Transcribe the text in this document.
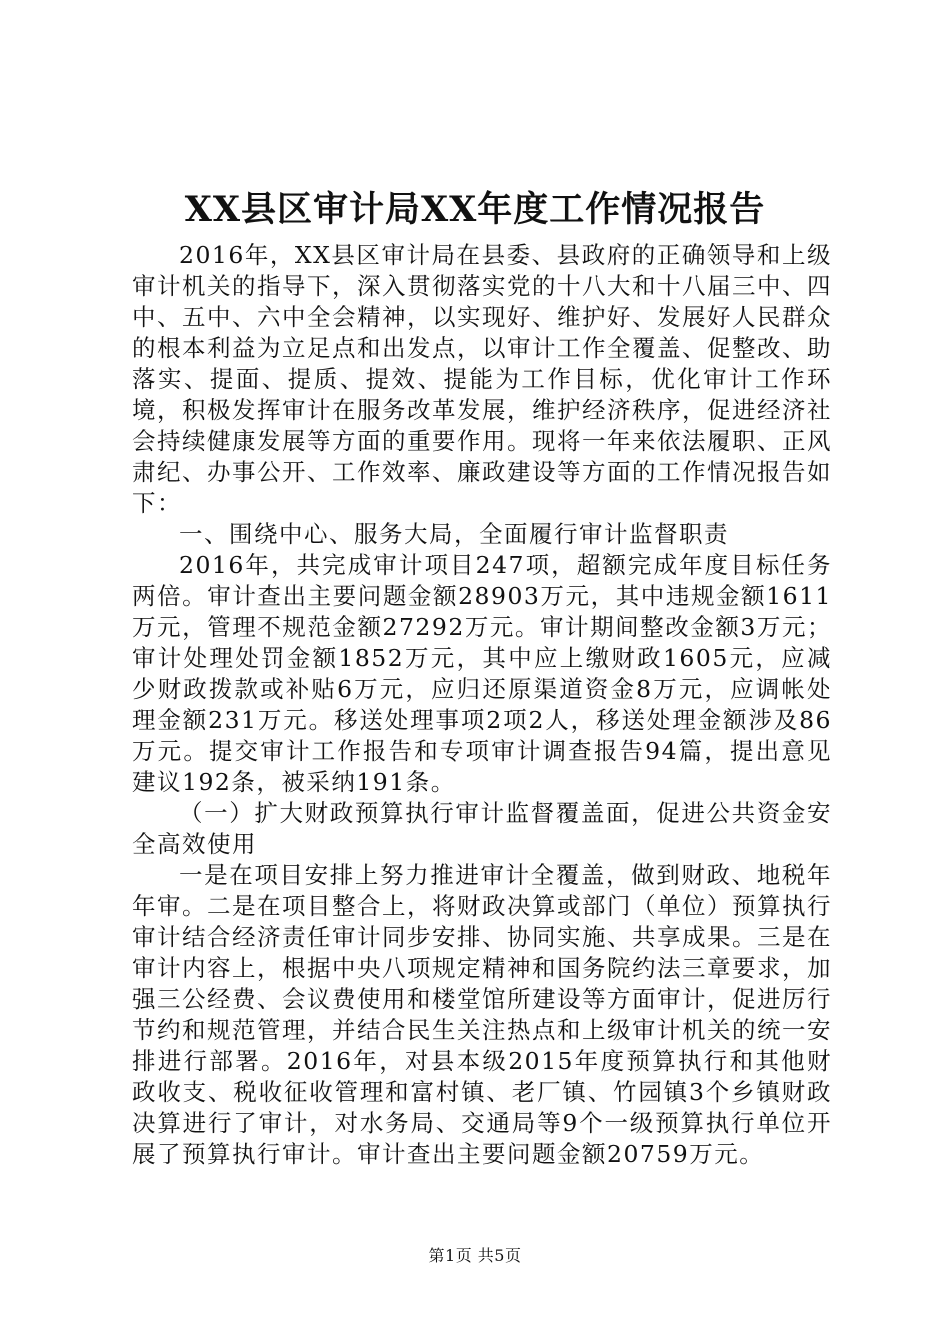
XX县区审计局XX年度工作情况报告

2016年，XX县区审计局在县委、县政府的正确领导和上级审计机关的指导下，深入贯彻落实党的十八大和十八届三中、四中、五中、六中全会精神，以实现好、维护好、发展好人民群众的根本利益为立足点和出发点，以审计工作全覆盖、促整改、助落实、提面、提质、提效、提能为工作目标，优化审计工作环境，积极发挥审计在服务改革发展，维护经济秩序，促进经济社会持续健康发展等方面的重要作用。现将一年来依法履职、正风肃纪、办事公开、工作效率、廉政建设等方面的工作情况报告如下：

一、围绕中心、服务大局，全面履行审计监督职责

2016年，共完成审计项目247项，超额完成年度目标任务两倍。审计查出主要问题金额28903万元，其中违规金额1611万元，管理不规范金额27292万元。审计期间整改金额3万元；审计处理处罚金额1852万元，其中应上缴财政1605元，应减少财政拨款或补贴6万元，应归还原渠道资金8万元，应调帐处理金额231万元。移送处理事项2项2人，移送处理金额涉及86万元。提交审计工作报告和专项审计调查报告94篇，提出意见建议192条，被采纳191条。

（一）扩大财政预算执行审计监督覆盖面，促进公共资金安全高效使用

一是在项目安排上努力推进审计全覆盖，做到财政、地税年年审。二是在项目整合上，将财政决算或部门（单位）预算执行审计结合经济责任审计同步安排、协同实施、共享成果。三是在审计内容上，根据中央八项规定精神和国务院约法三章要求，加强三公经费、会议费使用和楼堂馆所建设等方面审计，促进厉行节约和规范管理，并结合民生关注热点和上级审计机关的统一安排进行部署。2016年，对县本级2015年度预算执行和其他财政收支、税收征收管理和富村镇、老厂镇、竹园镇3个乡镇财政决算进行了审计，对水务局、交通局等9个一级预算执行单位开展了预算执行审计。审计查出主要问题金额20759万元。

第1页 共5页
